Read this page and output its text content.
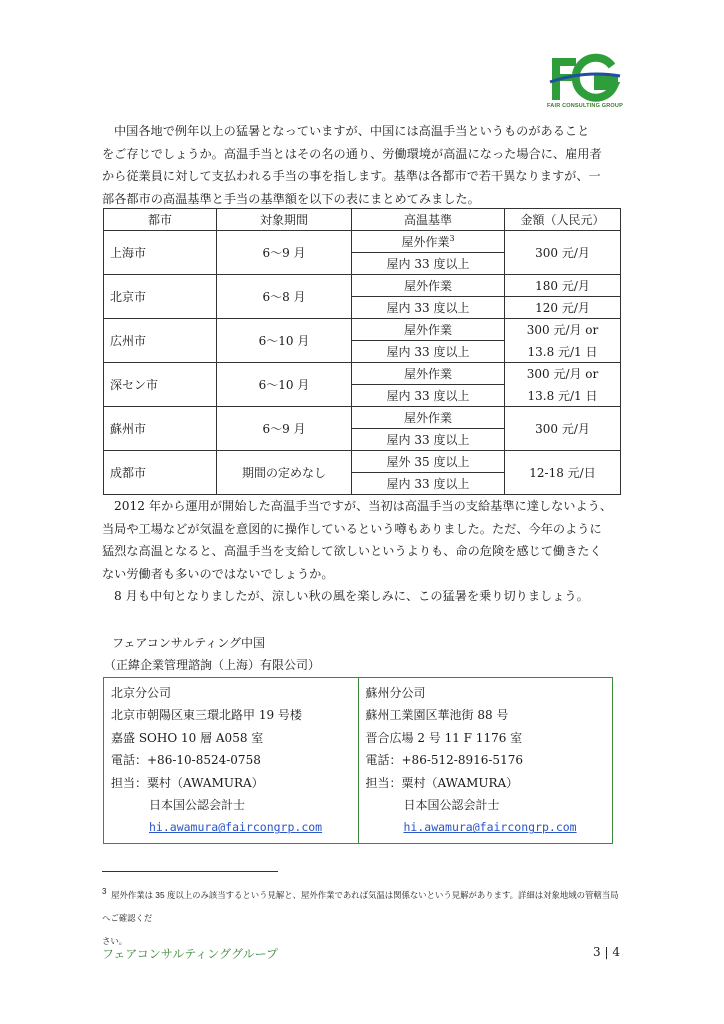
FAIR CONSULTING GROUP

中国各地で例年以上の猛暑となっていますが、中国には高温手当というものがあること

をご存じでしょうか。高温手当とはその名の通り、労働環境が高温になった場合に、雇用者

から従業員に対して支払われる手当の事を指します。基準は各都市で若干異なりますが、一

部各都市の高温基準と手当の基準額を以下の表にまとめてみました。

都市	対象期間	高温基準	金額（人民元）
上海市	6～9 月	屋外作業$^3$	300 元/月
		屋内 33 度以上	
北京市	6～8 月	屋外作業	180 元/月
		屋内 33 度以上	120 元/月
広州市	6～10 月	屋外作業	300 元/月 or
		屋内 33 度以上	13.8 元/1 日
深セン市	6～10 月	屋外作業	300 元/月 or
		屋内 33 度以上	13.8 元/1 日
蘇州市	6～9 月	屋外作業	300 元/月
		屋内 33 度以上	
成都市	期間の定めなし	屋外 35 度以上	12-18 元/日
		屋内 33 度以上	

2012 年から運用が開始した高温手当ですが、当初は高温手当の支給基準に達しないよう、

当局や工場などが気温を意図的に操作しているという噂もありました。ただ、今年のように

猛烈な高温となると、高温手当を支給して欲しいというよりも、命の危険を感じて働きたく

ない労働者も多いのではないでしょうか。

8 月も中旬となりましたが、涼しい秋の風を楽しみに、この猛暑を乗り切りましょう。

フェアコンサルティング中国
（正緯企業管理諮詢（上海）有限公司）
北京分公司
北京市朝陽区東三環北路甲 19 号楼
嘉盛 SOHO 10 層 A058 室
電話：+86-10-8524-0758
担当：粟村（AWAMURA）
日本国公認会計士
hi.awamura@faircongrp.com

蘇州分公司
蘇州工業園区華池街 88 号
晋合広場 2 号 11 F 1176 室
電話：+86-512-8916-5176
担当：粟村（AWAMURA）
日本国公認会計士
hi.awamura@faircongrp.com
$^3$ 屋外作業は 35 度以上のみ該当するという見解と、屋外作業であれば気温は関係ないという見解があります。詳細は対象地域の管轄当局へご確認くだ
さい。
フェアコンサルティンググループ	3 | 4
